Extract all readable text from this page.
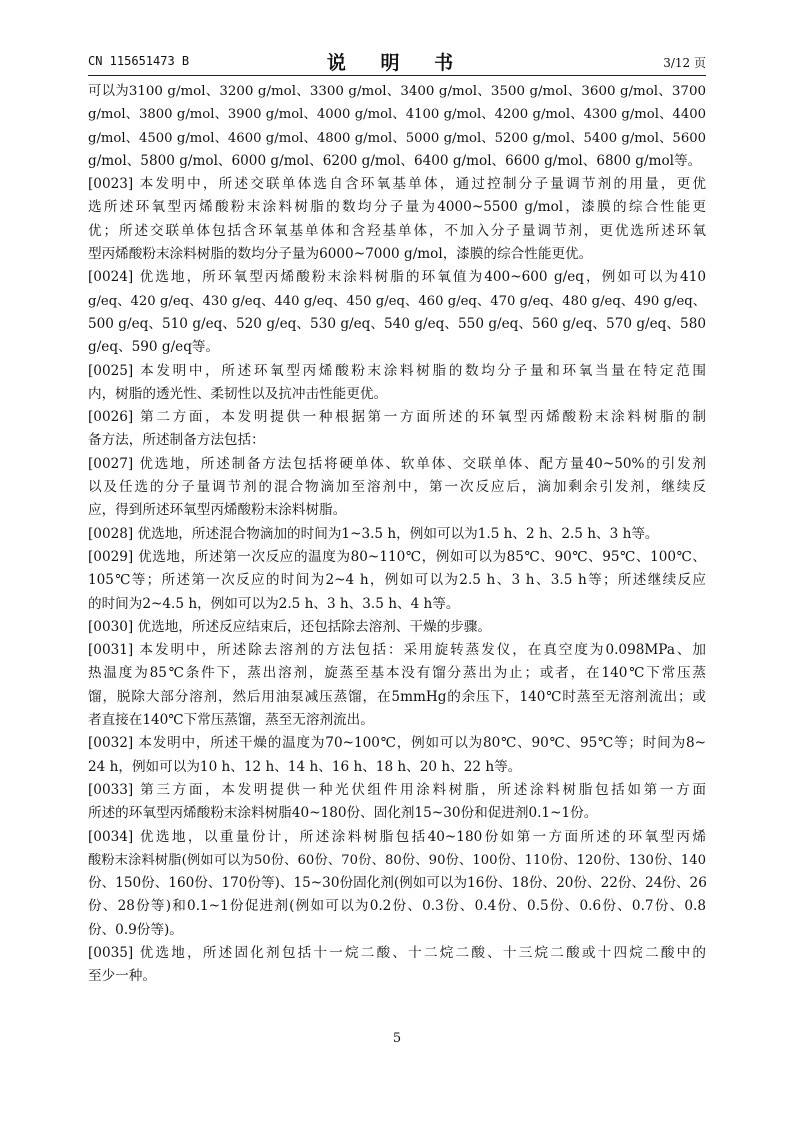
CN 115651473 B	说 明 书	3/12 页
可以为3100 g/mol、3200 g/mol、3300 g/mol、3400 g/mol、3500 g/mol、3600 g/mol、3700
g/mol、3800 g/mol、3900 g/mol、4000 g/mol、4100 g/mol、4200 g/mol、4300 g/mol、4400
g/mol、4500 g/mol、4600 g/mol、4800 g/mol、5000 g/mol、5200 g/mol、5400 g/mol、5600
g/mol、5800 g/mol、6000 g/mol、6200 g/mol、6400 g/mol、6600 g/mol、6800 g/mol等。
[0023] 本发明中，所述交联单体选自含环氧基单体，通过控制分子量调节剂的用量，更优
选所述环氧型丙烯酸粉末涂料树脂的数均分子量为4000~5500 g/mol，漆膜的综合性能更
优；所述交联单体包括含环氧基单体和含羟基单体，不加入分子量调节剂，更优选所述环氧
型丙烯酸粉末涂料树脂的数均分子量为6000~7000 g/mol，漆膜的综合性能更优。
[0024] 优选地，所环氧型丙烯酸粉末涂料树脂的环氧值为400~600 g/eq，例如可以为410
g/eq、420 g/eq、430 g/eq、440 g/eq、450 g/eq、460 g/eq、470 g/eq、480 g/eq、490 g/eq、
500 g/eq、510 g/eq、520 g/eq、530 g/eq、540 g/eq、550 g/eq、560 g/eq、570 g/eq、580
g/eq、590 g/eq等。
[0025] 本发明中，所述环氧型丙烯酸粉末涂料树脂的数均分子量和环氧当量在特定范围
内，树脂的透光性、柔韧性以及抗冲击性能更优。
[0026] 第二方面，本发明提供一种根据第一方面所述的环氧型丙烯酸粉末涂料树脂的制
备方法，所述制备方法包括：
[0027] 优选地，所述制备方法包括将硬单体、软单体、交联单体、配方量40~50%的引发剂
以及任选的分子量调节剂的混合物滴加至溶剂中，第一次反应后，滴加剩余引发剂，继续反
应，得到所述环氧型丙烯酸粉末涂料树脂。
[0028] 优选地，所述混合物滴加的时间为1~3.5 h，例如可以为1.5 h、2 h、2.5 h、3 h等。
[0029] 优选地，所述第一次反应的温度为80~110℃，例如可以为85℃、90℃、95℃、100℃、
105℃等；所述第一次反应的时间为2~4 h，例如可以为2.5 h、3 h、3.5 h等；所述继续反应
的时间为2~4.5 h，例如可以为2.5 h、3 h、3.5 h、4 h等。
[0030] 优选地，所述反应结束后，还包括除去溶剂、干燥的步骤。
[0031] 本发明中，所述除去溶剂的方法包括：采用旋转蒸发仪，在真空度为0.098MPa、加
热温度为85℃条件下，蒸出溶剂，旋蒸至基本没有馏分蒸出为止；或者，在140℃下常压蒸
馏，脱除大部分溶剂，然后用油泵减压蒸馏，在5mmHg的余压下，140℃时蒸至无溶剂流出；或
者直接在140℃下常压蒸馏，蒸至无溶剂流出。
[0032] 本发明中，所述干燥的温度为70~100℃，例如可以为80℃、90℃、95℃等；时间为8~
24 h，例如可以为10 h、12 h、14 h、16 h、18 h、20 h、22 h等。
[0033] 第三方面，本发明提供一种光伏组件用涂料树脂，所述涂料树脂包括如第一方面
所述的环氧型丙烯酸粉末涂料树脂40~180份、固化剂15~30份和促进剂0.1~1份。
[0034] 优选地，以重量份计，所述涂料树脂包括40~180份如第一方面所述的环氧型丙烯
酸粉末涂料树脂(例如可以为50份、60份、70份、80份、90份、100份、110份、120份、130份、140
份、150份、160份、170份等)、15~30份固化剂(例如可以为16份、18份、20份、22份、24份、26
份、28份等)和0.1~1份促进剂(例如可以为0.2份、0.3份、0.4份、0.5份、0.6份、0.7份、0.8
份、0.9份等)。
[0035] 优选地，所述固化剂包括十一烷二酸、十二烷二酸、十三烷二酸或十四烷二酸中的
至少一种。
5
